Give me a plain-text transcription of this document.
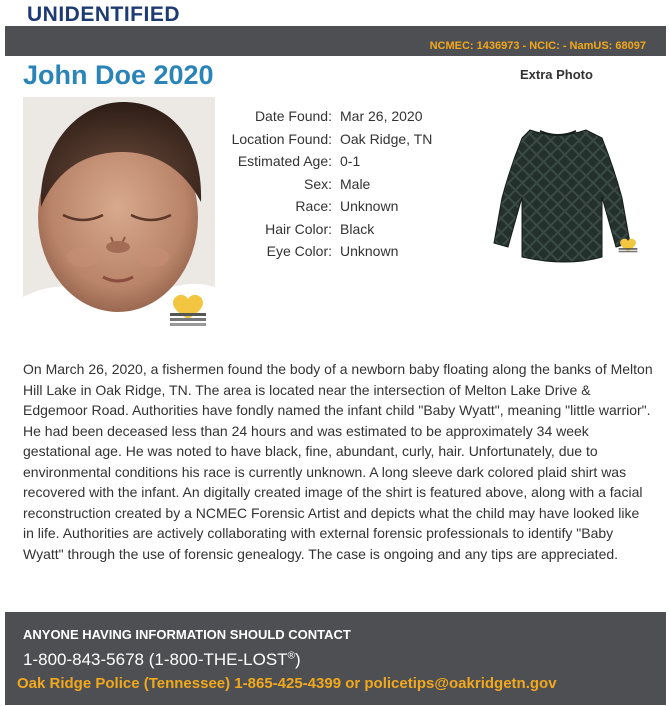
UNIDENTIFIED
NCMEC: 1436973 - NCIC: - NamUS: 68097
John Doe 2020	Extra Photo
Date Found: Mar 26, 2020
Location Found: Oak Ridge, TN
Estimated Age: 0-1
Sex: Male
Race: Unknown
Hair Color: Black
Eye Color: Unknown

On March 26, 2020, a fishermen found the body of a newborn baby floating along the banks of Melton Hill Lake in Oak Ridge, TN. The area is located near the intersection of Melton Lake Drive & Edgemoor Road. Authorities have fondly named the infant child "Baby Wyatt", meaning "little warrior". He had been deceased less than 24 hours and was estimated to be approximately 34 week gestational age. He was noted to have black, fine, abundant, curly, hair. Unfortunately, due to environmental conditions his race is currently unknown. A long sleeve dark colored plaid shirt was recovered with the infant. An digitally created image of the shirt is featured above, along with a facial reconstruction created by a NCMEC Forensic Artist and depicts what the child may have looked like in life. Authorities are actively collaborating with external forensic professionals to identify "Baby Wyatt" through the use of forensic genealogy. The case is ongoing and any tips are appreciated.

ANYONE HAVING INFORMATION SHOULD CONTACT
1-800-843-5678 (1-800-THE-LOST®)
Oak Ridge Police (Tennessee) 1-865-425-4399 or policetips@oakridgetn.gov
